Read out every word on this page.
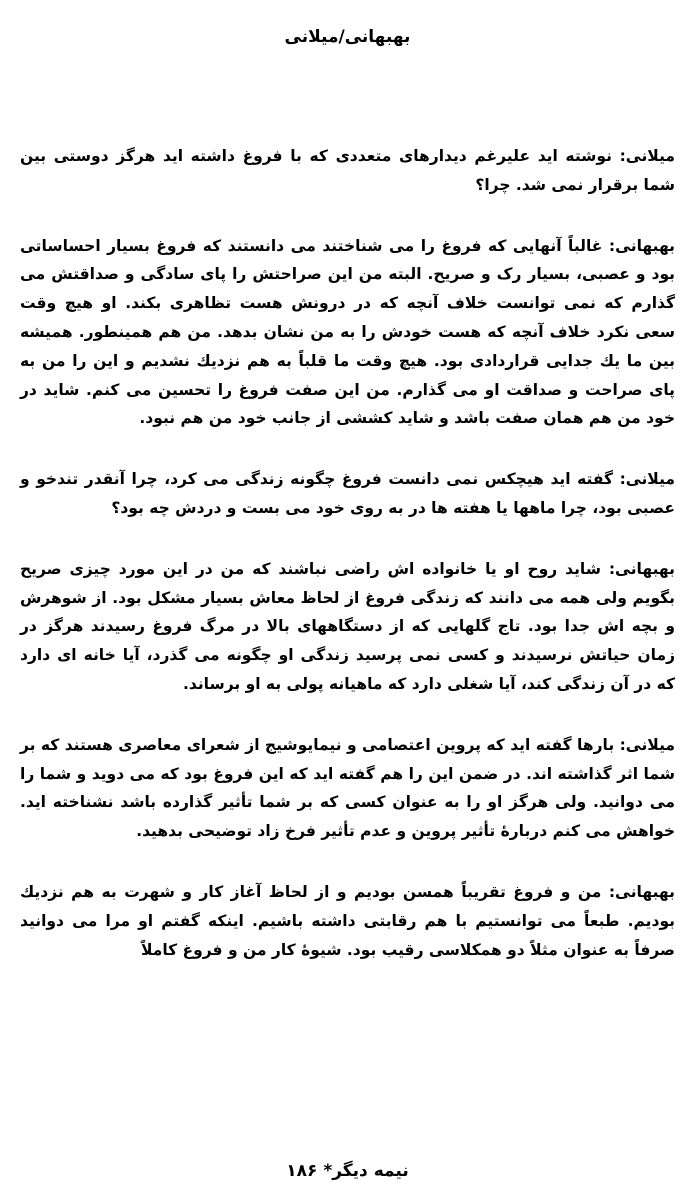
بهبهانی/میلانی

میلانی: نوشته اید علیرغم دیدارهای متعددی که با فروغ داشته اید هرگز دوستی بین شما برقرار نمی شد. چرا؟

بهبهانی: غالباً آنهایی که فروغ را می شناختند می دانستند که فروغ بسیار احساساتی بود و عصبی، بسیار رک و صریح. البته من این صراحتش را پای سادگی و صداقتش می گذارم که نمی توانست خلاف آنچه که در درونش هست تظاهری بکند. او هیچ وقت سعی نکرد خلاف آنچه که هست خودش را به من نشان بدهد. من هم همینطور. همیشه بین ما یك جدایی قراردادی بود. هیچ وقت ما قلباً به هم نزدیك نشدیم و این را من به پای صراحت و صداقت او می گذارم. من این صفت فروغ را تحسین می کنم. شاید در خود من هم همان صفت باشد و شاید کششی از جانب خود من هم نبود.

میلانی: گفته اید هیچکس نمی دانست فروغ چگونه زندگی می کرد، چرا آنقدر تندخو و عصبی بود، چرا ماهها یا هفته ها در به روی خود می بست و دردش چه بود؟

بهبهانی: شاید روح او یا خانواده اش راضی نباشند که من در این مورد چیزی صریح بگویم ولی همه می دانند که زندگی فروغ از لحاظ معاش بسیار مشکل بود. از شوهرش و بچه اش جدا بود. تاج گلهایی که از دستگاههای بالا در مرگ فروغ رسیدند هرگز در زمان حیاتش نرسیدند و کسی نمی پرسید زندگی او چگونه می گذرد، آیا خانه ای دارد که در آن زندگی کند، آیا شغلی دارد که ماهیانه پولی به او برساند.

میلانی: بارها گفته اید که پروین اعتصامی و نیمایوشیج از شعرای معاصری هستند که بر شما اثر گذاشته اند. در ضمن این را هم گفته اید که این فروغ بود که می دوید و شما را می دوانید. ولی هرگز او را به عنوان کسی که بر شما تأثیر گذارده باشد نشناخته اید. خواهش می کنم دربارهٔ تأثیر پروین و عدم تأثیر فرخ زاد توضیحی بدهید.

بهبهانی: من و فروغ تقریباً همسن بودیم و از لحاظ آغاز کار و شهرت به هم نزدیك بودیم. طبعاً می توانستیم با هم رقابتی داشته باشیم. اینکه گفتم او مرا می دوانید صرفاً به عنوان مثلاً دو همکلاسی رقیب بود. شیوهٔ کار من و فروغ کاملاً

نیمه دیگر* ۱۸۶
